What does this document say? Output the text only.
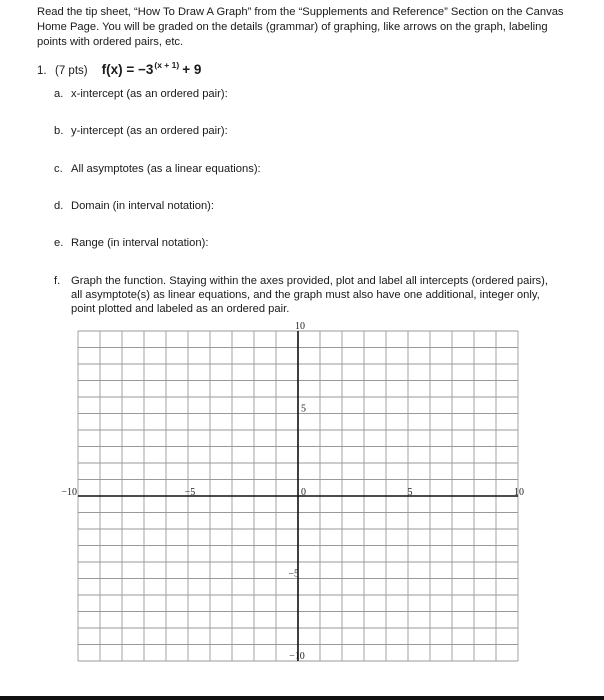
Read the tip sheet, “How To Draw A Graph” from the “Supplements and Reference” Section on the Canvas Home Page. You will be graded on the details (grammar) of graphing, like arrows on the graph, labeling points with ordered pairs, etc.

1. (7 pts) $f(x) = -3^{(x + 1)} + 9$
a. x-intercept (as an ordered pair):
b. y-intercept (as an ordered pair):
c. All asymptotes (as a linear equations):
d. Domain (in interval notation):
e. Range (in interval notation):
f. Graph the function. Staying within the axes provided, plot and label all intercepts (ordered pairs), all asymptote(s) as linear equations, and the graph must also have one additional, integer only, point plotted and labeled as an ordered pair.
−10	−5	0	5	10
10
5
−5
−10
